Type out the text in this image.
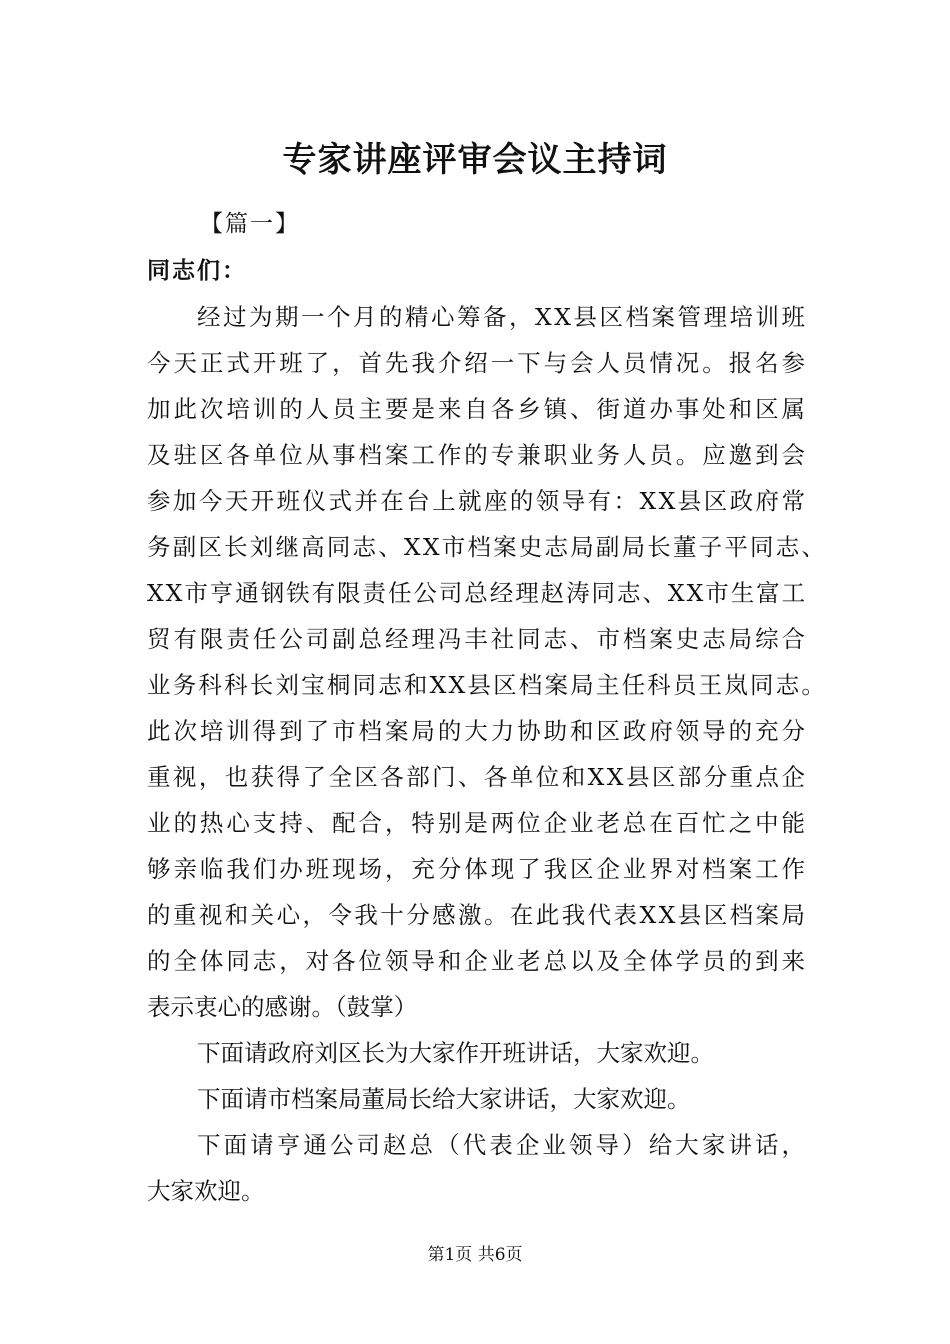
专家讲座评审会议主持词
【篇一】
同志们：
经过为期一个月的精心筹备，XX县区档案管理培训班
今天正式开班了，首先我介绍一下与会人员情况。报名参
加此次培训的人员主要是来自各乡镇、街道办事处和区属
及驻区各单位从事档案工作的专兼职业务人员。应邀到会
参加今天开班仪式并在台上就座的领导有：XX县区政府常
务副区长刘继高同志、XX市档案史志局副局长董子平同志、
XX市亨通钢铁有限责任公司总经理赵涛同志、XX市生富工
贸有限责任公司副总经理冯丰社同志、市档案史志局综合
业务科科长刘宝桐同志和XX县区档案局主任科员王岚同志。
此次培训得到了市档案局的大力协助和区政府领导的充分
重视，也获得了全区各部门、各单位和XX县区部分重点企
业的热心支持、配合，特别是两位企业老总在百忙之中能
够亲临我们办班现场，充分体现了我区企业界对档案工作
的重视和关心，令我十分感激。在此我代表XX县区档案局
的全体同志，对各位领导和企业老总以及全体学员的到来
表示衷心的感谢。（鼓掌）
下面请政府刘区长为大家作开班讲话，大家欢迎。
下面请市档案局董局长给大家讲话，大家欢迎。
下面请亨通公司赵总（代表企业领导）给大家讲话，
大家欢迎。
第1页 共6页
